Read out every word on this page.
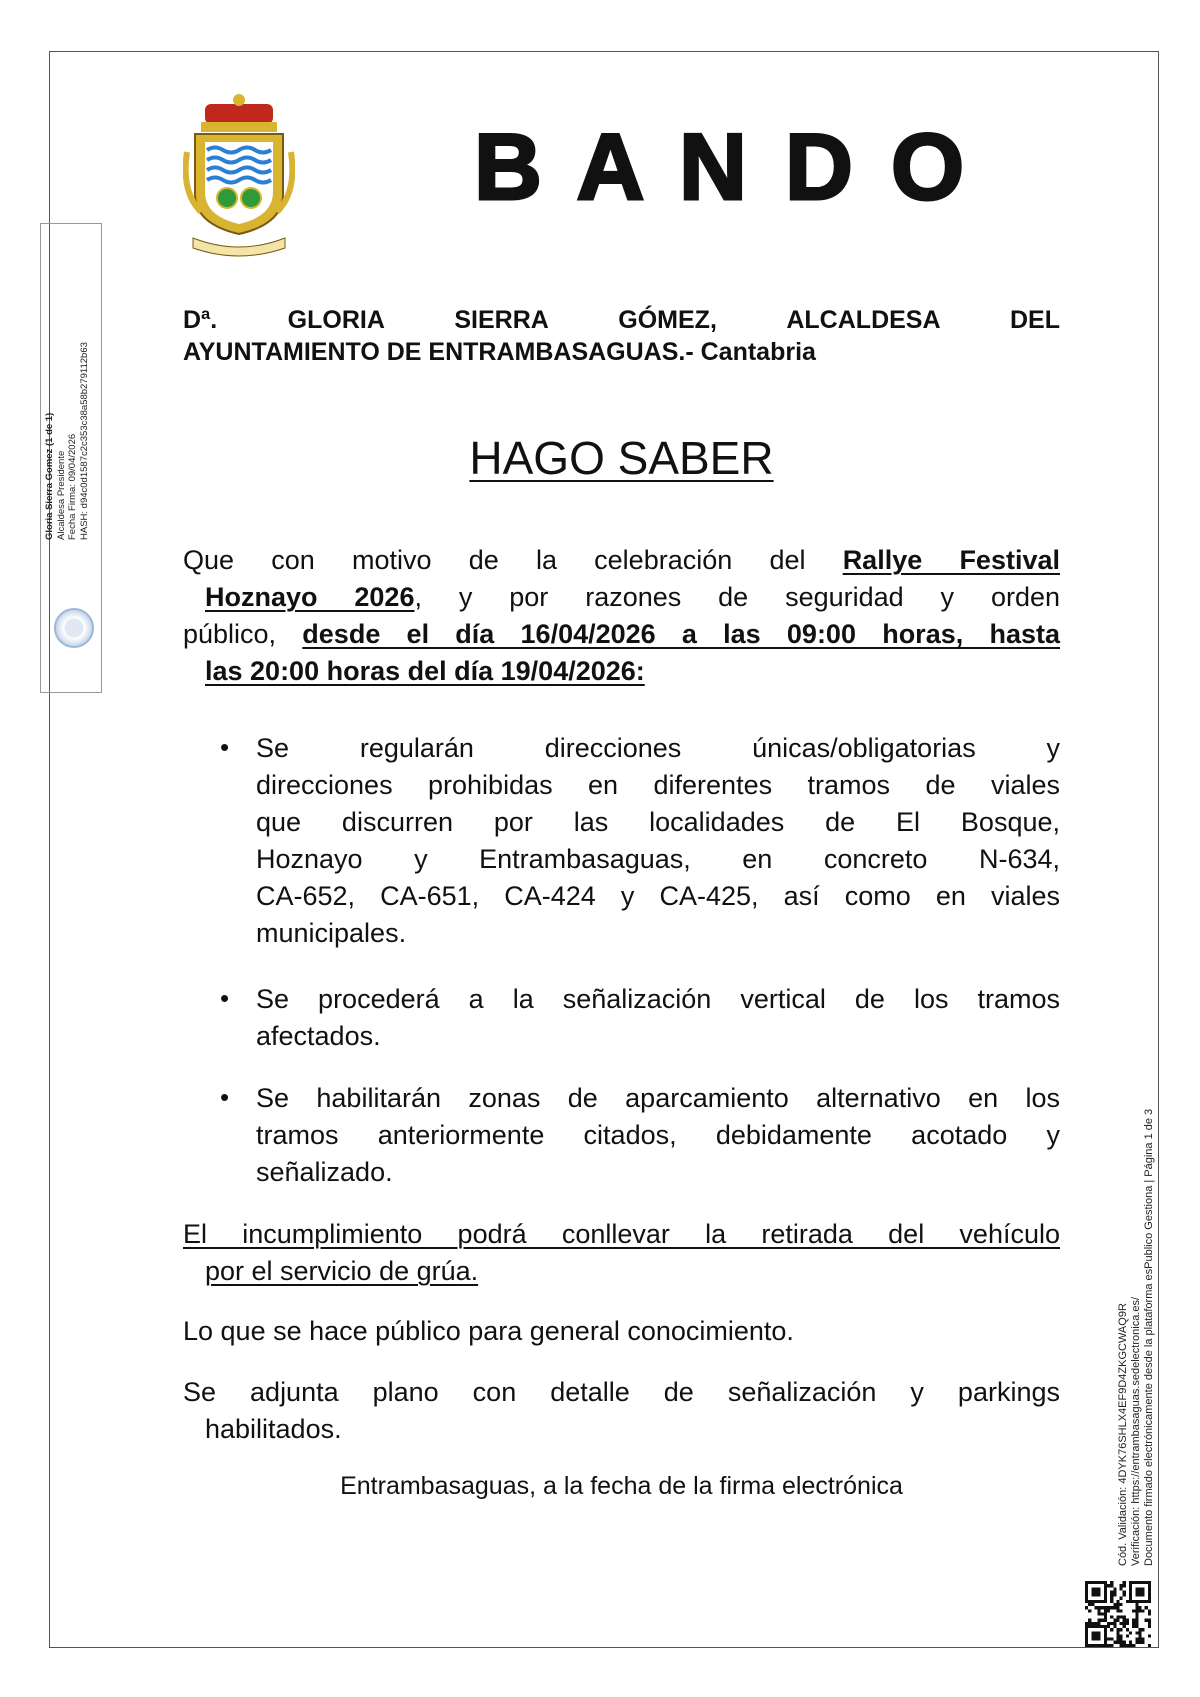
B A N D O
Dª. GLORIA SIERRA GÓMEZ, ALCALDESA DEL
AYUNTAMIENTO DE ENTRAMBASAGUAS.- Cantabria
HAGO SABER
Que con motivo de la celebración del Rallye Festival
Hoznayo 2026, y por razones de seguridad y orden
público, desde el día 16/04/2026 a las 09:00 horas, hasta
las 20:00 horas del día 19/04/2026:
• Se regularán direcciones únicas/obligatorias y
direcciones prohibidas en diferentes tramos de viales
que discurren por las localidades de El Bosque,
Hoznayo y Entrambasaguas, en concreto N-634,
CA-652, CA-651, CA-424 y CA-425, así como en viales
municipales.
• Se procederá a la señalización vertical de los tramos
afectados.
• Se habilitarán zonas de aparcamiento alternativo en los
tramos anteriormente citados, debidamente acotado y
señalizado.
El incumplimiento podrá conllevar la retirada del vehículo
por el servicio de grúa.
Lo que se hace público para general conocimiento.
Se adjunta plano con detalle de señalización y parkings
habilitados.
Entrambasaguas, a la fecha de la firma electrónica
Gloria Sierra Gomez (1 de 1) Alcaldesa Presidente Fecha Firma: 09/04/2026 HASH: d94c0d1587c2c353c38a58b279112b63
Cód. Validación: 4DYK76SHLX4EF9D4ZKGCWAQ9R Verificación: https://entrambasaguas.sedelectronica.es/ Documento firmado electrónicamente desde la plataforma esPublico Gestiona | Página 1 de 3
